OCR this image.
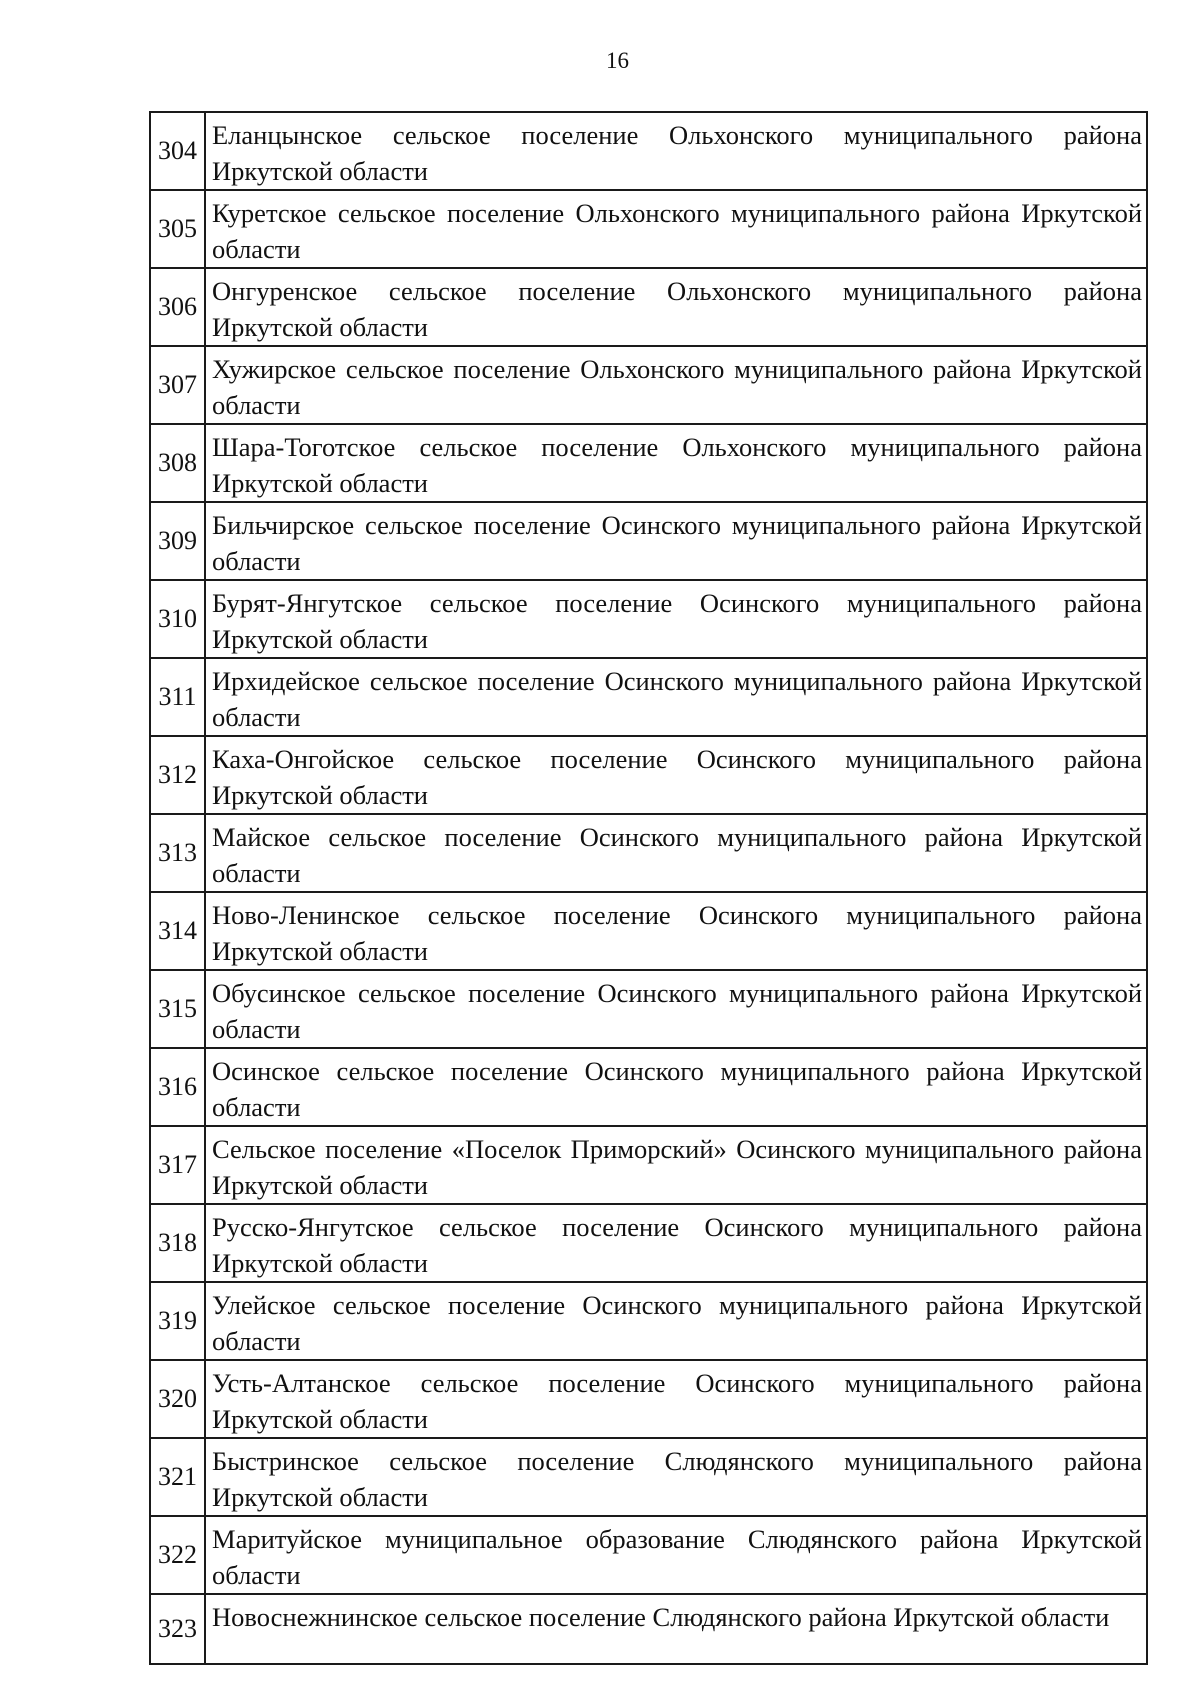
16
304	Еланцынское сельское поселение Ольхонского муниципального района Иркутской области
305	Куретское сельское поселение Ольхонского муниципального района Иркутской области
306	Онгуренское сельское поселение Ольхонского муниципального района Иркутской области
307	Хужирское сельское поселение Ольхонского муниципального района Иркутской области
308	Шара-Тоготское сельское поселение Ольхонского муниципального района Иркутской области
309	Бильчирское сельское поселение Осинского муниципального района Иркутской области
310	Бурят-Янгутское сельское поселение Осинского муниципального района Иркутской области
311	Ирхидейское сельское поселение Осинского муниципального района Иркутской области
312	Каха-Онгойское сельское поселение Осинского муниципального района Иркутской области
313	Майское сельское поселение Осинского муниципального района Иркутской области
314	Ново-Ленинское сельское поселение Осинского муниципального района Иркутской области
315	Обусинское сельское поселение Осинского муниципального района Иркутской области
316	Осинское сельское поселение Осинского муниципального района Иркутской области
317	Сельское поселение «Поселок Приморский» Осинского муниципального района Иркутской области
318	Русско-Янгутское сельское поселение Осинского муниципального района Иркутской области
319	Улейское сельское поселение Осинского муниципального района Иркутской области
320	Усть-Алтанское сельское поселение Осинского муниципального района Иркутской области
321	Быстринское сельское поселение Слюдянского муниципального района Иркутской области
322	Маритуйское муниципальное образование Слюдянского района Иркутской области
323	Новоснежнинское сельское поселение Слюдянского района Иркутской области
